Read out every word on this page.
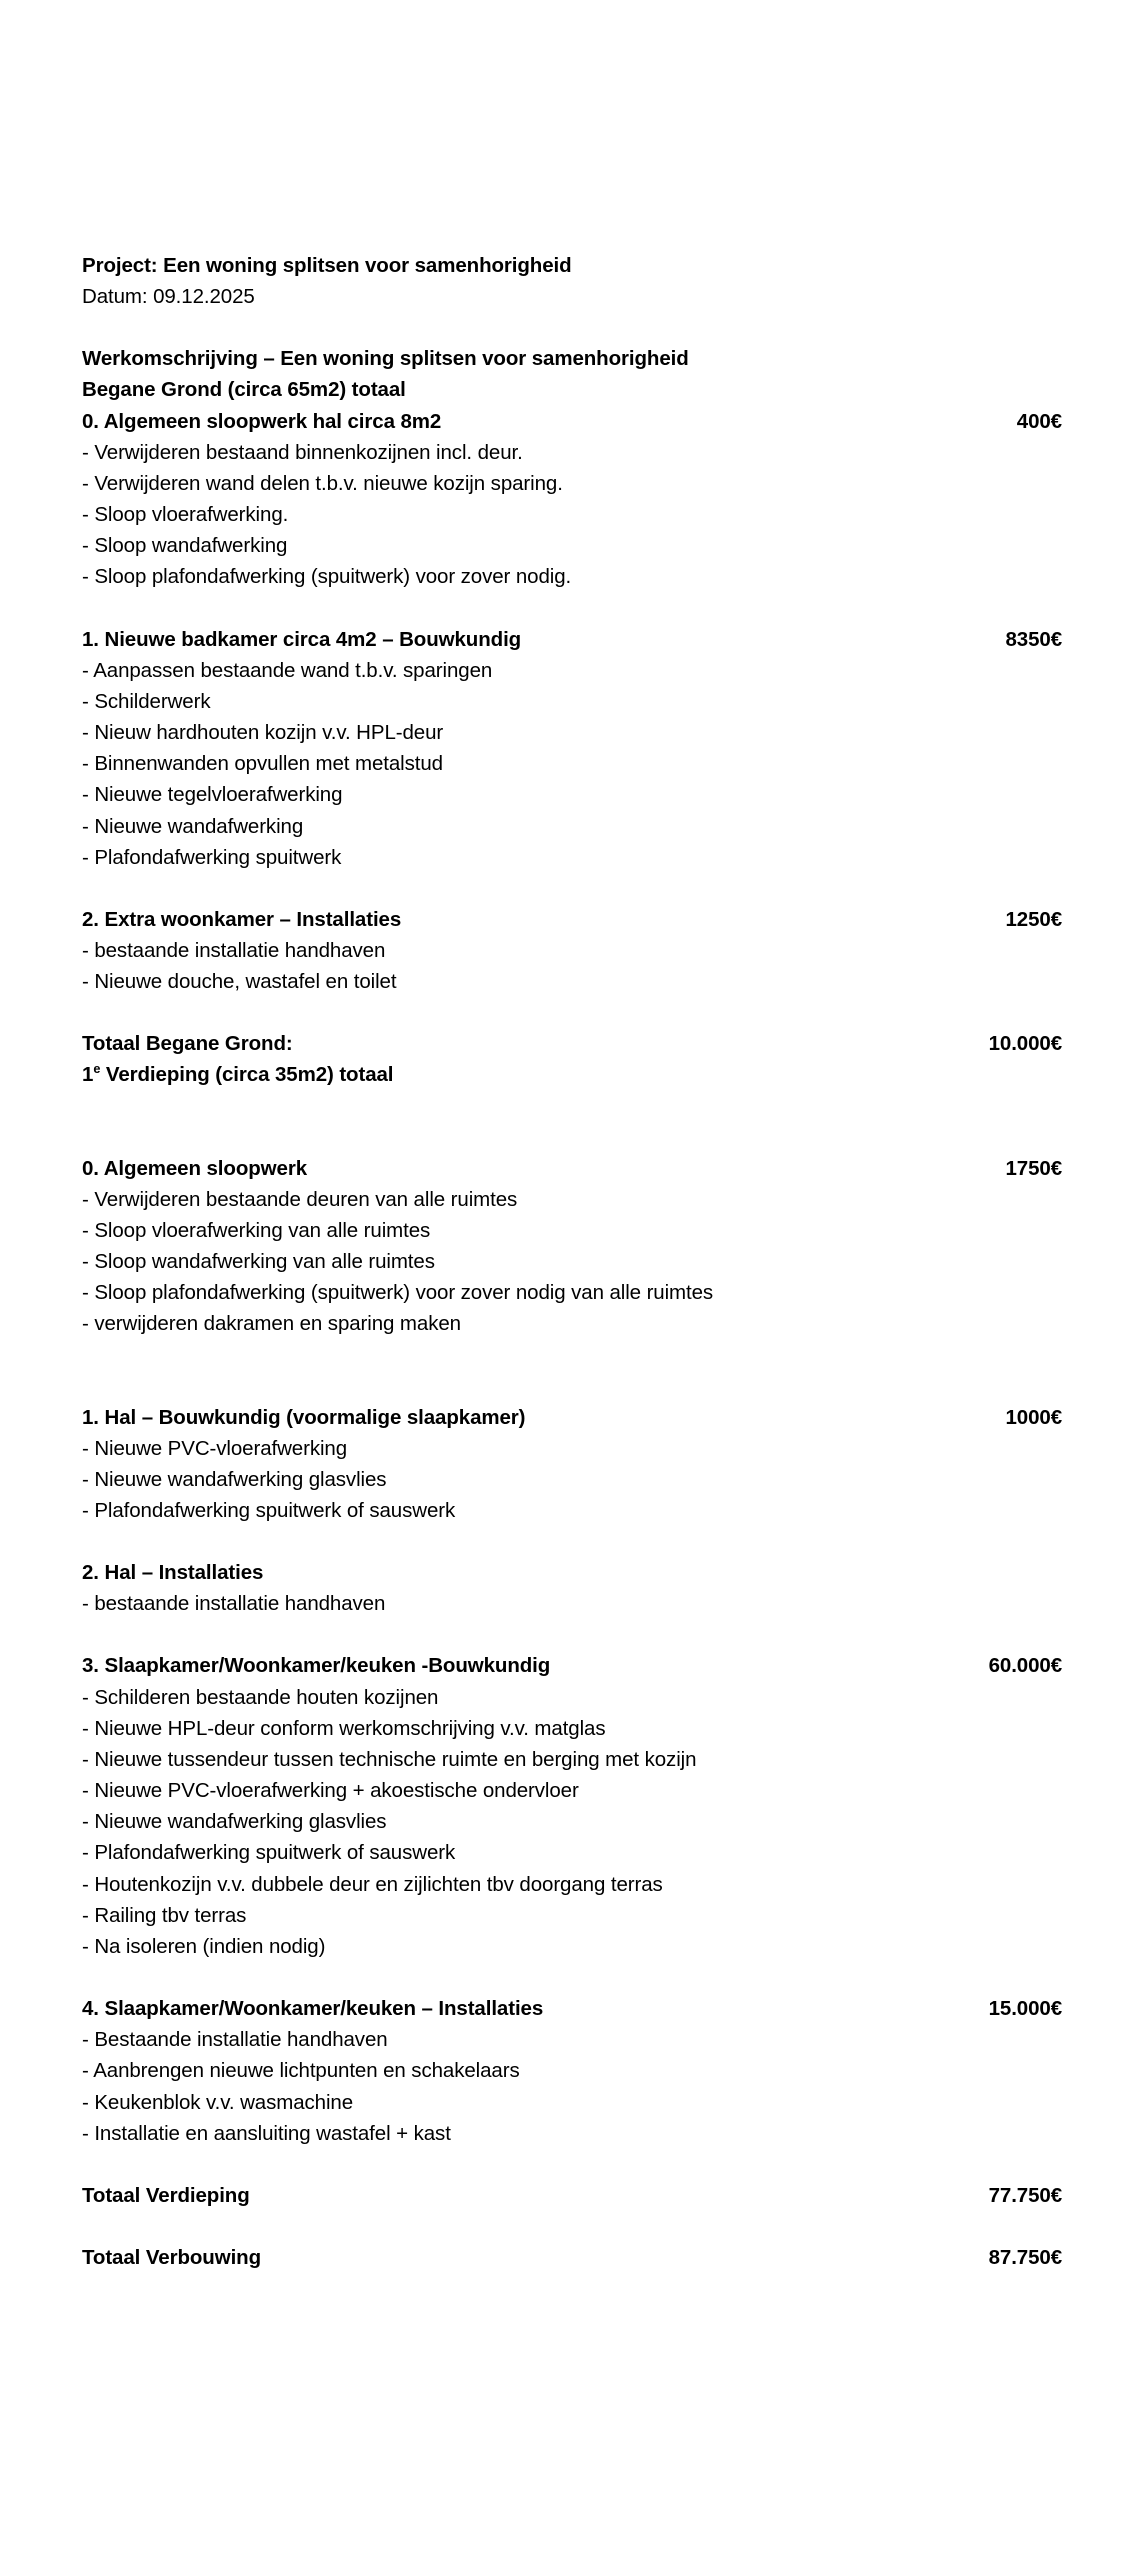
Project: Een woning splitsen voor samenhorigheid
Datum: 09.12.2025
Werkomschrijving – Een woning splitsen voor samenhorigheid
Begane Grond (circa 65m2) totaal
0. Algemeen sloopwerk hal circa 8m2	400€
- Verwijderen bestaand binnenkozijnen incl. deur.
- Verwijderen wand delen t.b.v. nieuwe kozijn sparing.
- Sloop vloerafwerking.
- Sloop wandafwerking
- Sloop plafondafwerking (spuitwerk) voor zover nodig.
1. Nieuwe badkamer circa 4m2 – Bouwkundig	8350€
- Aanpassen bestaande wand t.b.v. sparingen
- Schilderwerk
- Nieuw hardhouten kozijn v.v. HPL-deur
- Binnenwanden opvullen met metalstud
- Nieuwe tegelvloerafwerking
- Nieuwe wandafwerking
- Plafondafwerking spuitwerk
2. Extra woonkamer – Installaties	1250€
- bestaande installatie handhaven
- Nieuwe douche, wastafel en toilet
Totaal Begane Grond:	10.000€
1e Verdieping (circa 35m2) totaal
0. Algemeen sloopwerk	1750€
- Verwijderen bestaande deuren van alle ruimtes
- Sloop vloerafwerking van alle ruimtes
- Sloop wandafwerking van alle ruimtes
- Sloop plafondafwerking (spuitwerk) voor zover nodig van alle ruimtes
- verwijderen dakramen en sparing maken
1. Hal – Bouwkundig (voormalige slaapkamer)	1000€
- Nieuwe PVC-vloerafwerking
- Nieuwe wandafwerking glasvlies
- Plafondafwerking spuitwerk of sauswerk
2. Hal – Installaties
- bestaande installatie handhaven
3. Slaapkamer/Woonkamer/keuken -Bouwkundig	60.000€
- Schilderen bestaande houten kozijnen
- Nieuwe HPL-deur conform werkomschrijving v.v. matglas
- Nieuwe tussendeur tussen technische ruimte en berging met kozijn
- Nieuwe PVC-vloerafwerking + akoestische ondervloer
- Nieuwe wandafwerking glasvlies
- Plafondafwerking spuitwerk of sauswerk
- Houtenkozijn v.v. dubbele deur en zijlichten tbv doorgang terras
- Railing tbv terras
- Na isoleren (indien nodig)
4. Slaapkamer/Woonkamer/keuken – Installaties	15.000€
- Bestaande installatie handhaven
- Aanbrengen nieuwe lichtpunten en schakelaars
- Keukenblok v.v. wasmachine
- Installatie en aansluiting wastafel + kast
Totaal Verdieping	77.750€
Totaal Verbouwing	87.750€
